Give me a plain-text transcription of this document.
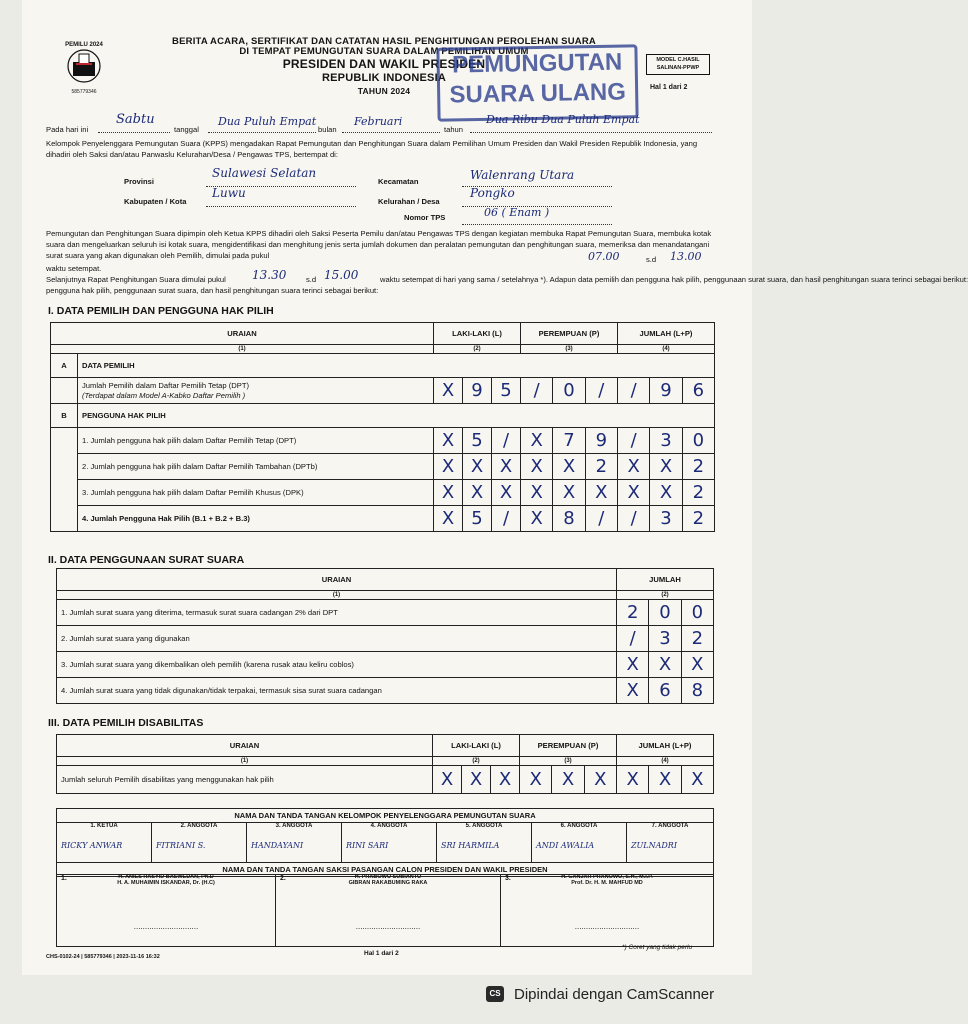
PEMILU 2024
585779346
BERITA ACARA, SERTIFIKAT DAN CATATAN HASIL PENGHITUNGAN PEROLEHAN SUARA
DI TEMPAT PEMUNGUTAN SUARA DALAM PEMILIHAN UMUM
PRESIDEN DAN WAKIL PRESIDEN
REPUBLIK INDONESIA
TAHUN 2024
PEMUNGUTAN
SUARA ULANG
MODEL C.HASIL
SALINAN-PPWP
Hal 1 dari 2
Pada hari ini
Sabtu
tanggal
Dua Puluh Empat
bulan
Februari
tahun
Dua Ribu Dua Puluh Empat
Kelompok Penyelenggara Pemungutan Suara (KPPS) mengadakan Rapat Pemungutan dan Penghitungan Suara dalam Pemilihan Umum Presiden dan Wakil Presiden Republik Indonesia, yang dihadiri oleh Saksi dan/atau Panwaslu Kelurahan/Desa / Pengawas TPS, bertempat di:
Provinsi
Sulawesi Selatan
Kabupaten / Kota
Luwu
Kecamatan	Walenrang Utara
Kelurahan / Desa
Pongko
Nomor TPS	06 ( Enam )
Pemungutan dan Penghitungan Suara dipimpin oleh Ketua KPPS dihadiri oleh Saksi Peserta Pemilu dan/atau Pengawas TPS dengan kegiatan membuka Rapat Pemungutan Suara, membuka kotak suara dan mengeluarkan seluruh isi kotak suara, mengidentifikasi dan menghitung jenis serta jumlah dokumen dan peralatan pemungutan dan penghitungan suara, memeriksa dan menandatangani surat suara yang akan digunakan oleh Pemilih, dimulai pada pukul	07.00	s.d 13.00
waktu setempat.
Selanjutnya Rapat Penghitungan Suara dimulai pukul 13.30	s.d 15.00	waktu setempat di hari yang sama / setelahnya *). Adapun data pemilih dan pengguna hak pilih, penggunaan surat suara, dan hasil penghitungan suara terinci sebagai berikut:
pengguna hak pilih, penggunaan surat suara, dan hasil penghitungan suara terinci sebagai berikut:
I. DATA PEMILIH DAN PENGGUNA HAK PILIH
URAIAN		LAKI-LAKI (L)			PEREMPUAN (P)			JUMLAH (L+P)		
(1)		(2)			(3)			(4)		
A	DATA PEMILIH									

	Jumlah Pemilih dalam Daftar Pemilih Tetap (DPT)
(Terdapat dalam Model A-Kabko Daftar Pemilih )	X	9	5	/	0	/	/	9	6
B	PENGGUNA HAK PILIH									
	1. Jumlah pengguna hak pilih dalam Daftar Pemilih Tetap (DPT)	X	5	/	X	7	9	/	3	0
	2. Jumlah pengguna hak pilih dalam Daftar Pemilih Tambahan (DPTb)	X	X	X	X	X	2	X	X	2
	3. Jumlah pengguna hak pilih dalam Daftar Pemilih Khusus (DPK)	X	X	X	X	X	X	X	X	2
	4. Jumlah Pengguna Hak Pilih (B.1 + B.2 + B.3)	X	5	/	X	8	/	/	3	2
II. DATA PENGGUNAAN SURAT SUARA
URAIAN	JUMLAH		
(1)	(2)		
1. Jumlah surat suara yang diterima, termasuk surat suara cadangan 2% dari DPT	2	0	0
2. Jumlah surat suara yang digunakan	/	3	2
3. Jumlah surat suara yang dikembalikan oleh pemilih (karena rusak atau keliru coblos)	X	X	X
4. Jumlah surat suara yang tidak digunakan/tidak terpakai, termasuk sisa surat suara cadangan	X	6	8
III. DATA PEMILIH DISABILITAS
URAIAN	LAKI-LAKI (L)			PEREMPUAN (P)			JUMLAH (L+P)		
(1)	(2)			(3)			(4)		
Jumlah seluruh Pemilih disabilitas yang menggunakan hak pilih	X	X	X	X	X	X	X	X	X
NAMA DAN TANDA TANGAN KELOMPOK PENYELENGGARA PEMUNGUTAN SUARA

1. KETUA
RICKY ANWAR

2. ANGGOTA
FITRIANI S.

3. ANGGOTA
HANDAYANI

4. ANGGOTA
RINI SARI

5. ANGGOTA
SRI HARMILA

6. ANGGOTA
ANDI AWALIA

7. ANGGOTA
ZULNADRI

NAMA DAN TANDA TANGAN SAKSI PASANGAN CALON PRESIDEN DAN WAKIL PRESIDEN
1.	H. ANIES RASYID BASWEDAN, Ph.D
H. A. MUHAIMIN ISKANDAR, Dr. (H.C)
.............................
	2.	H. PRABOWO SUBIANTO
GIBRAN RAKABUMING RAKA
.............................
	3.	H. GANJAR PRANOWO, S.H., M.I.P.
Prof. Dr. H. M. MAHFUD MD
.............................
CHS-0102-24 | 585779346 | 2023-11-16 16:32	Hal 1 dari 2
*) Coret yang tidak perlu
CS Dipindai dengan CamScanner
